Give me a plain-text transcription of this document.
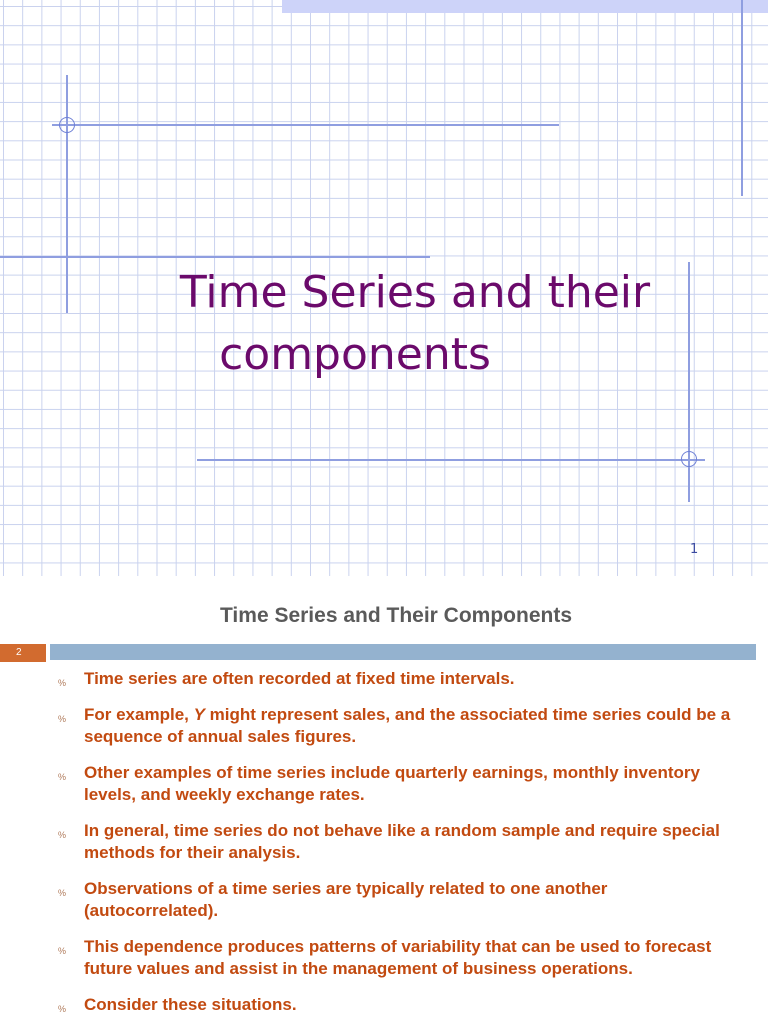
Time Series and their
components
1
Time Series and Their Components
2
% Time series are often recorded at fixed time intervals.
% For example, Y might represent sales, and the associated time series could be a sequence of annual sales figures.
% Other examples of time series include quarterly earnings, monthly inventory levels, and weekly exchange rates.
% In general, time series do not behave like a random sample and require special methods for their analysis.
% Observations of a time series are typically related to one another (autocorrelated).
% This dependence produces patterns of variability that can be used to forecast future values and assist in the management of business operations.
% Consider these situations.
